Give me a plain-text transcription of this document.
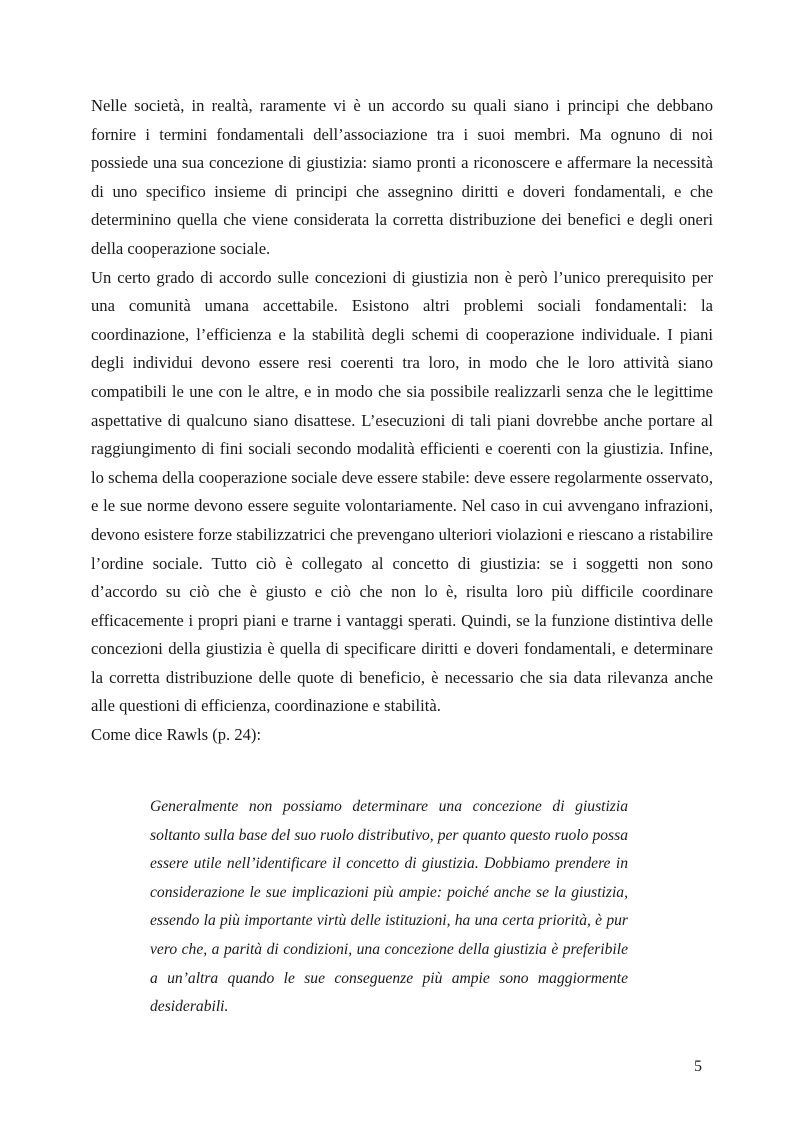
Nelle società, in realtà, raramente vi è un accordo su quali siano i principi che debbano fornire i termini fondamentali dell’associazione tra i suoi membri. Ma ognuno di noi possiede una sua concezione di giustizia: siamo pronti a riconoscere e affermare la necessità di uno specifico insieme di principi che assegnino diritti e doveri fondamentali, e che determinino quella che viene considerata la corretta distribuzione dei benefici e degli oneri della cooperazione sociale.

Un certo grado di accordo sulle concezioni di giustizia non è però l’unico prerequisito per una comunità umana accettabile. Esistono altri problemi sociali fondamentali: la coordinazione, l’efficienza e la stabilità degli schemi di cooperazione individuale. I piani degli individui devono essere resi coerenti tra loro, in modo che le loro attività siano compatibili le une con le altre, e in modo che sia possibile realizzarli senza che le legittime aspettative di qualcuno siano disattese. L’esecuzioni di tali piani dovrebbe anche portare al raggiungimento di fini sociali secondo modalità efficienti e coerenti con la giustizia. Infine, lo schema della cooperazione sociale deve essere stabile: deve essere regolarmente osservato, e le sue norme devono essere seguite volontariamente. Nel caso in cui avvengano infrazioni, devono esistere forze stabilizzatrici che prevengano ulteriori violazioni e riescano a ristabilire l’ordine sociale. Tutto ciò è collegato al concetto di giustizia: se i soggetti non sono d’accordo su ciò che è giusto e ciò che non lo è, risulta loro più difficile coordinare efficacemente i propri piani e trarne i vantaggi sperati. Quindi, se la funzione distintiva delle concezioni della giustizia è quella di specificare diritti e doveri fondamentali, e determinare la corretta distribuzione delle quote di beneficio, è necessario che sia data rilevanza anche alle questioni di efficienza, coordinazione e stabilità.

Come dice Rawls (p. 24):

Generalmente non possiamo determinare una concezione di giustizia soltanto sulla base del suo ruolo distributivo, per quanto questo ruolo possa essere utile nell’identificare il concetto di giustizia. Dobbiamo prendere in considerazione le sue implicazioni più ampie: poiché anche se la giustizia, essendo la più importante virtù delle istituzioni, ha una certa priorità, è pur vero che, a parità di condizioni, una concezione della giustizia è preferibile a un’altra quando le sue conseguenze più ampie sono maggiormente desiderabili.

5
